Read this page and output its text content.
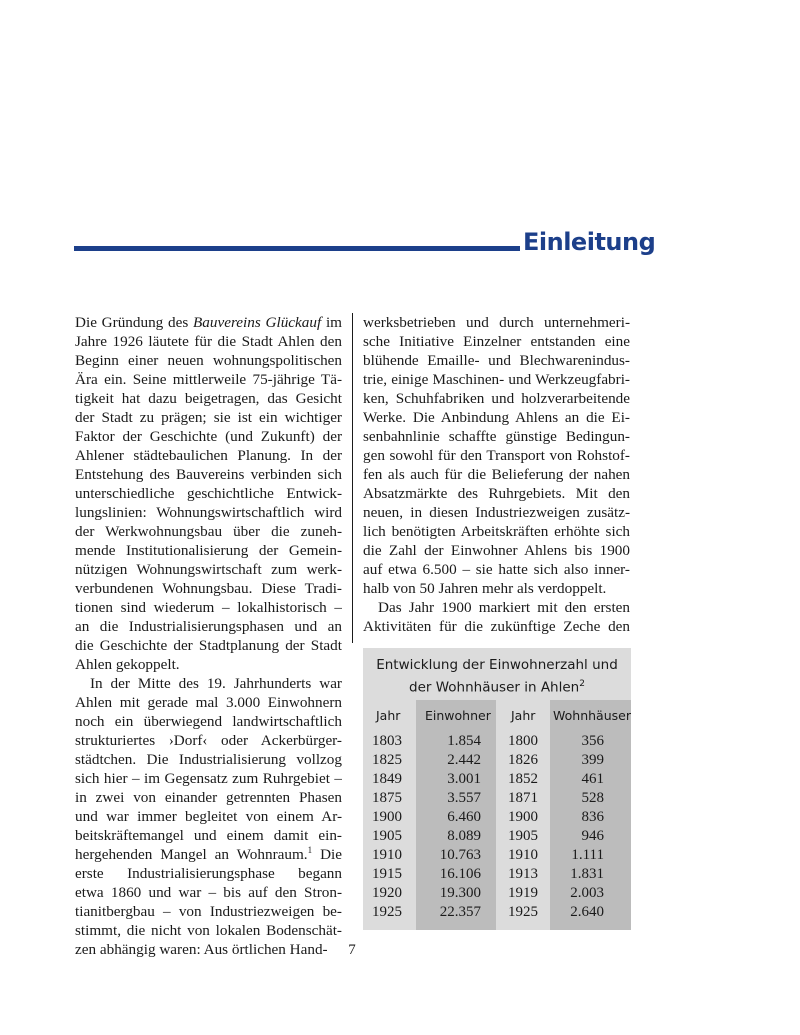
Einleitung
Die Gründung des Bauvereins Glückauf im
Jahre 1926 läutete für die Stadt Ahlen den
Beginn einer neuen wohnungspolitischen
Ära ein. Seine mittlerweile 75-jährige Tä-
tigkeit hat dazu beigetragen, das Gesicht
der Stadt zu prägen; sie ist ein wichtiger
Faktor der Geschichte (und Zukunft) der
Ahlener städtebaulichen Planung. In der
Entstehung des Bauvereins verbinden sich
unterschiedliche geschichtliche Entwick-
lungslinien: Wohnungswirtschaftlich wird
der Werkwohnungsbau über die zuneh-
mende Institutionalisierung der Gemein-
nützigen Wohnungswirtschaft zum werk-
verbundenen Wohnungsbau. Diese Tradi-
tionen sind wiederum – lokalhistorisch –
an die Industrialisierungsphasen und an
die Geschichte der Stadtplanung der Stadt
Ahlen gekoppelt.
In der Mitte des 19. Jahrhunderts war
Ahlen mit gerade mal 3.000 Einwohnern
noch ein überwiegend landwirtschaftlich
strukturiertes ›Dorf‹ oder Ackerbürger-
städtchen. Die Industrialisierung vollzog
sich hier – im Gegensatz zum Ruhrgebiet –
in zwei von einander getrennten Phasen
und war immer begleitet von einem Ar-
beitskräftemangel und einem damit ein-
hergehenden Mangel an Wohnraum.$^1$ Die
erste Industrialisierungsphase begann
etwa 1860 und war – bis auf den Stron-
tianitbergbau – von Industriezweigen be-
stimmt, die nicht von lokalen Bodenschät-
zen abhängig waren: Aus örtlichen Hand-
werksbetrieben und durch unternehmeri-
sche Initiative Einzelner entstanden eine
blühende Emaille- und Blechwarenindus-
trie, einige Maschinen- und Werkzeugfabri-
ken, Schuhfabriken und holzverarbeitende
Werke. Die Anbindung Ahlens an die Ei-
senbahnlinie schaffte günstige Bedingun-
gen sowohl für den Transport von Rohstof-
fen als auch für die Belieferung der nahen
Absatzmärkte des Ruhrgebiets. Mit den
neuen, in diesen Industriezweigen zusätz-
lich benötigten Arbeitskräften erhöhte sich
die Zahl der Einwohner Ahlens bis 1900
auf etwa 6.500 – sie hatte sich also inner-
halb von 50 Jahren mehr als verdoppelt.
Das Jahr 1900 markiert mit den ersten
Aktivitäten für die zukünftige Zeche den
Entwicklung der Einwohnerzahl und
der Wohnhäuser in Ahlen$^2$
Jahr Einwohner Jahr Wohnhäuser
1803	1.854 1800	356
1825	2.442 1826	399
1849	3.001 1852	461
1875	3.557 1871	528
1900	6.460 1900	836
1905	8.089 1905	946
1910	10.763 1910 1.111
1915	16.106 1913 1.831
1920	19.300 1919 2.003
1925	22.357 1925 2.640
7
